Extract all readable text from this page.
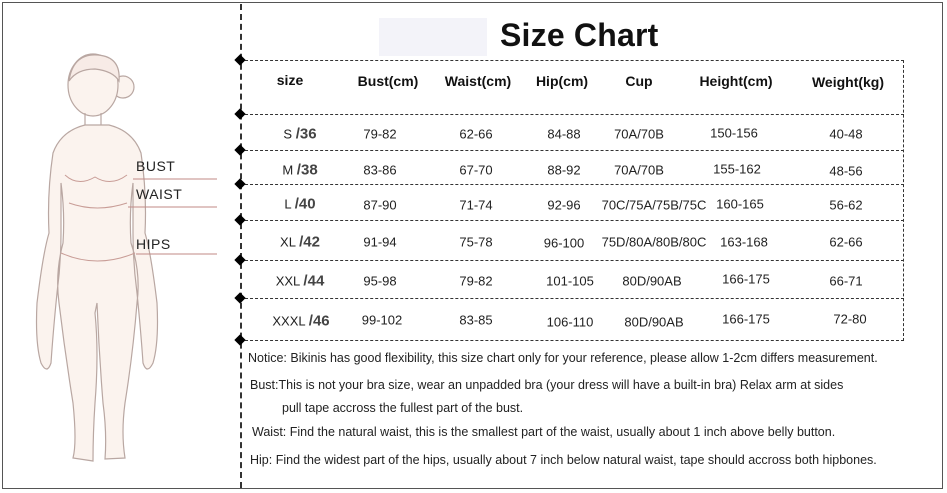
BUST
WAIST
HIPS
Size Chart
size	Bust(cm) Waist(cm) Hip(cm)	Cup	Height(cm)	Weight(kg)
S /36	79-82	62-66	84-88	70A/70B	150-156	40-48
M /38	83-86	67-70	88-92	70A/70B	155-162	48-56
L /40	87-90	71-74	92-96 70C/75A/75B/75C 160-165	56-62
XL /42	91-94	75-78	96-100 75D/80A/80B/80C 163-168	62-66
XXL /44	95-98	79-82	101-105 80D/90AB	166-175	66-71
XXXL /46 99-102	83-85	106-110 80D/90AB	166-175	72-80
Notice: Bikinis has good flexibility, this size chart only for your reference, please allow 1-2cm differs measurement.
Bust:This is not your bra size, wear an unpadded bra (your dress will have a built-in bra) Relax arm at sides
pull tape accross the fullest part of the bust.
Waist: Find the natural waist, this is the smallest part of the waist, usually about 1 inch above belly button.
Hip: Find the widest part of the hips, usually about 7 inch below natural waist, tape should accross both hipbones.
